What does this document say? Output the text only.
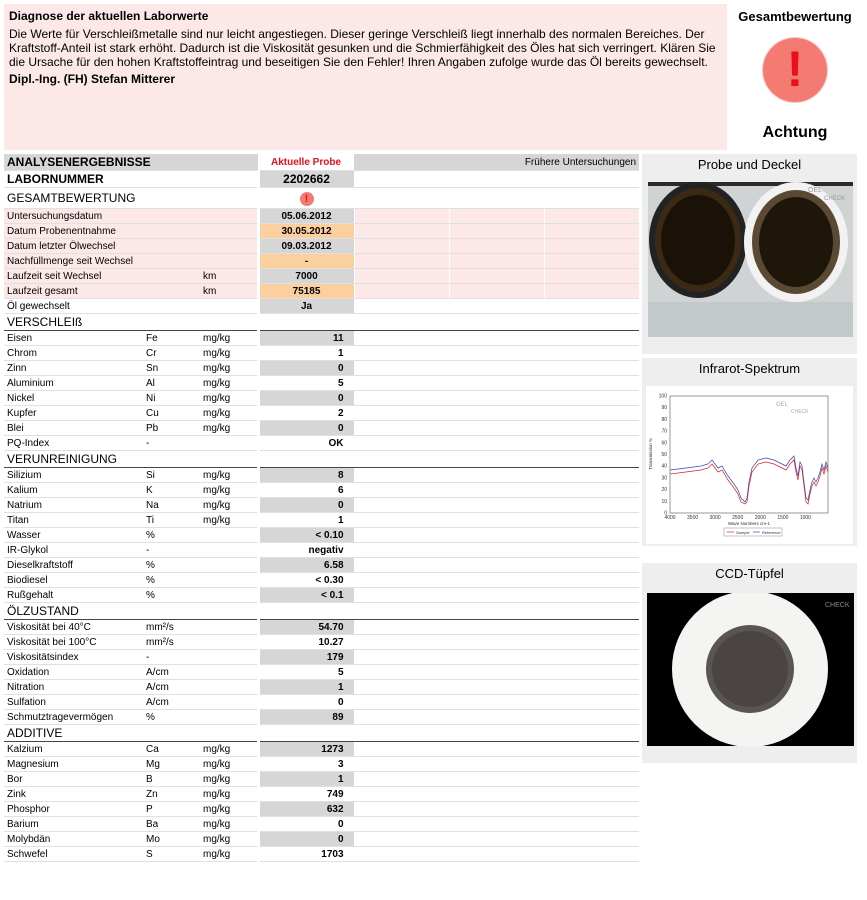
Diagnose der aktuellen Laborwerte
Die Werte für Verschleißmetalle sind nur leicht angestiegen. Dieser geringe Verschleiß liegt innerhalb des normalen Bereiches. Der Kraftstoff-Anteil ist stark erhöht. Dadurch ist die Viskosität gesunken und die Schmierfähigkeit des Öles hat sich verringert. Klären Sie die Ursache für den hohen Kraftstoffeintrag und beseitigen Sie den Fehler! Ihren Angaben zufolge wurde das Öl bereits gewechselt.
Dipl.-Ing. (FH) Stefan Mitterer
Gesamtbewertung
!
Achtung
ANALYSENERGEBNISSE			Aktuelle Probe	Frühere Untersuchungen		
LABORNUMMER			2202662			
GESAMTBEWERTUNG			!			
Untersuchungsdatum			05.06.2012			
Datum Probenentnahme			30.05.2012			
Datum letzter Ölwechsel			09.03.2012			
Nachfüllmenge seit Wechsel			-			
Laufzeit seit Wechsel		km	7000			
Laufzeit gesamt		km	75185			
Öl gewechselt			Ja			
VERSCHLEIß						
Eisen	Fe	mg/kg	11			
Chrom	Cr	mg/kg	1			
Zinn	Sn	mg/kg	0			
Aluminium	Al	mg/kg	5			
Nickel	Ni	mg/kg	0			
Kupfer	Cu	mg/kg	2			
Blei	Pb	mg/kg	0			
PQ-Index	-		OK			
VERUNREINIGUNG						
Silizium	Si	mg/kg	8			
Kalium	K	mg/kg	6			
Natrium	Na	mg/kg	0			
Titan	Ti	mg/kg	1			
Wasser	%		< 0.10			
IR-Glykol	-		negativ			
Dieselkraftstoff	%		6.58			
Biodiesel	%		< 0.30			
Rußgehalt	%		< 0.1			
ÖLZUSTAND						
Viskosität bei 40°C	mm²/s		54.70			
Viskosität bei 100°C	mm²/s		10.27			
Viskositätsindex	-		179			
Oxidation	A/cm		5			
Nitration	A/cm		1			
Sulfation	A/cm		0			
Schmutztragevermögen	%		89			
ADDITIVE						
Kalzium	Ca	mg/kg	1273			
Magnesium	Mg	mg/kg	3			
Bor	B	mg/kg	1			
Zink	Zn	mg/kg	749			
Phosphor	P	mg/kg	632			
Barium	Ba	mg/kg	0			
Molybdän	Mo	mg/kg	0			
Schwefel	S	mg/kg	1703			
Probe und Deckel
OEL
CHECK
Infrarot-Spektrum
100
90
80
70
60
50
40
30
20
10
0
4000 3500 3000 2500 2000 1500 1000
OEL
CHECK
Wave Numbers cm-1
Transmission %
Sample	Reference
CCD-Tüpfel
CHECK
